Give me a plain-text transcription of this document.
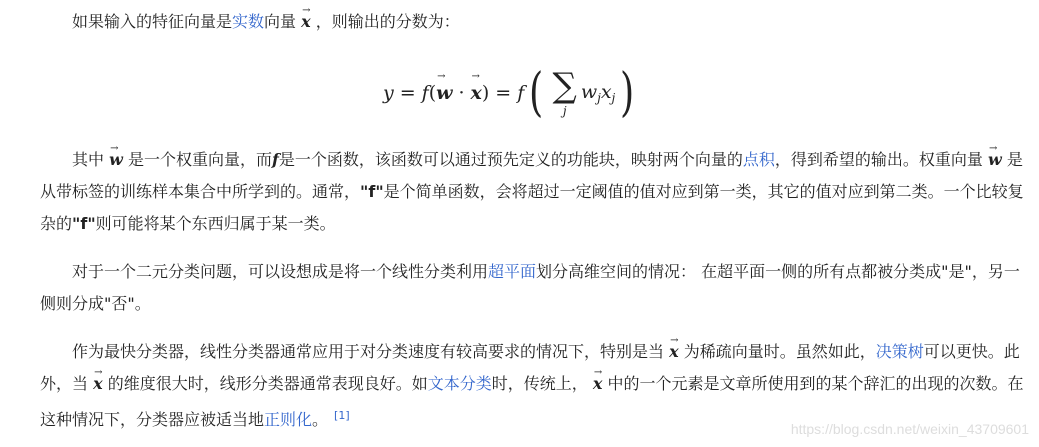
如果输入的特征向量是实数向量 → x ，则输出的分数为：
y = f ( → w · → x ) = f ( ∑
j
$w_j$ $x_j$ )
其中 → w 是一个权重向量，而f是一个函数，该函数可以通过预先定义的功能块，映射两个向量的点积，得到希望的输出。权重向量 → w 是从带标签的训练样本集合中所学到的。通常，"f"是个简单函数，会将超过一定阈值的值对应到第一类，其它的值对应到第二类。一个比较复杂的"f"则可能将某个东西归属于某一类。
对于一个二元分类问题，可以设想成是将一个线性分类利用超平面划分高维空间的情况： 在超平面一侧的所有点都被分类成"是"，另一侧则分成"否"。
作为最快分类器，线性分类器通常应用于对分类速度有较高要求的情况下，特别是当 → x 为稀疏向量时。虽然如此，决策树可以更快。此外，当 → x 的维度很大时，线形分类器通常表现良好。如文本分类时，传统上， → x 中的一个元素是文章所使用到的某个辞汇的出现的次数。在这种情况下，分类器应被适当地正则化。 [1]
https://blog.csdn.net/weixin_43709601
